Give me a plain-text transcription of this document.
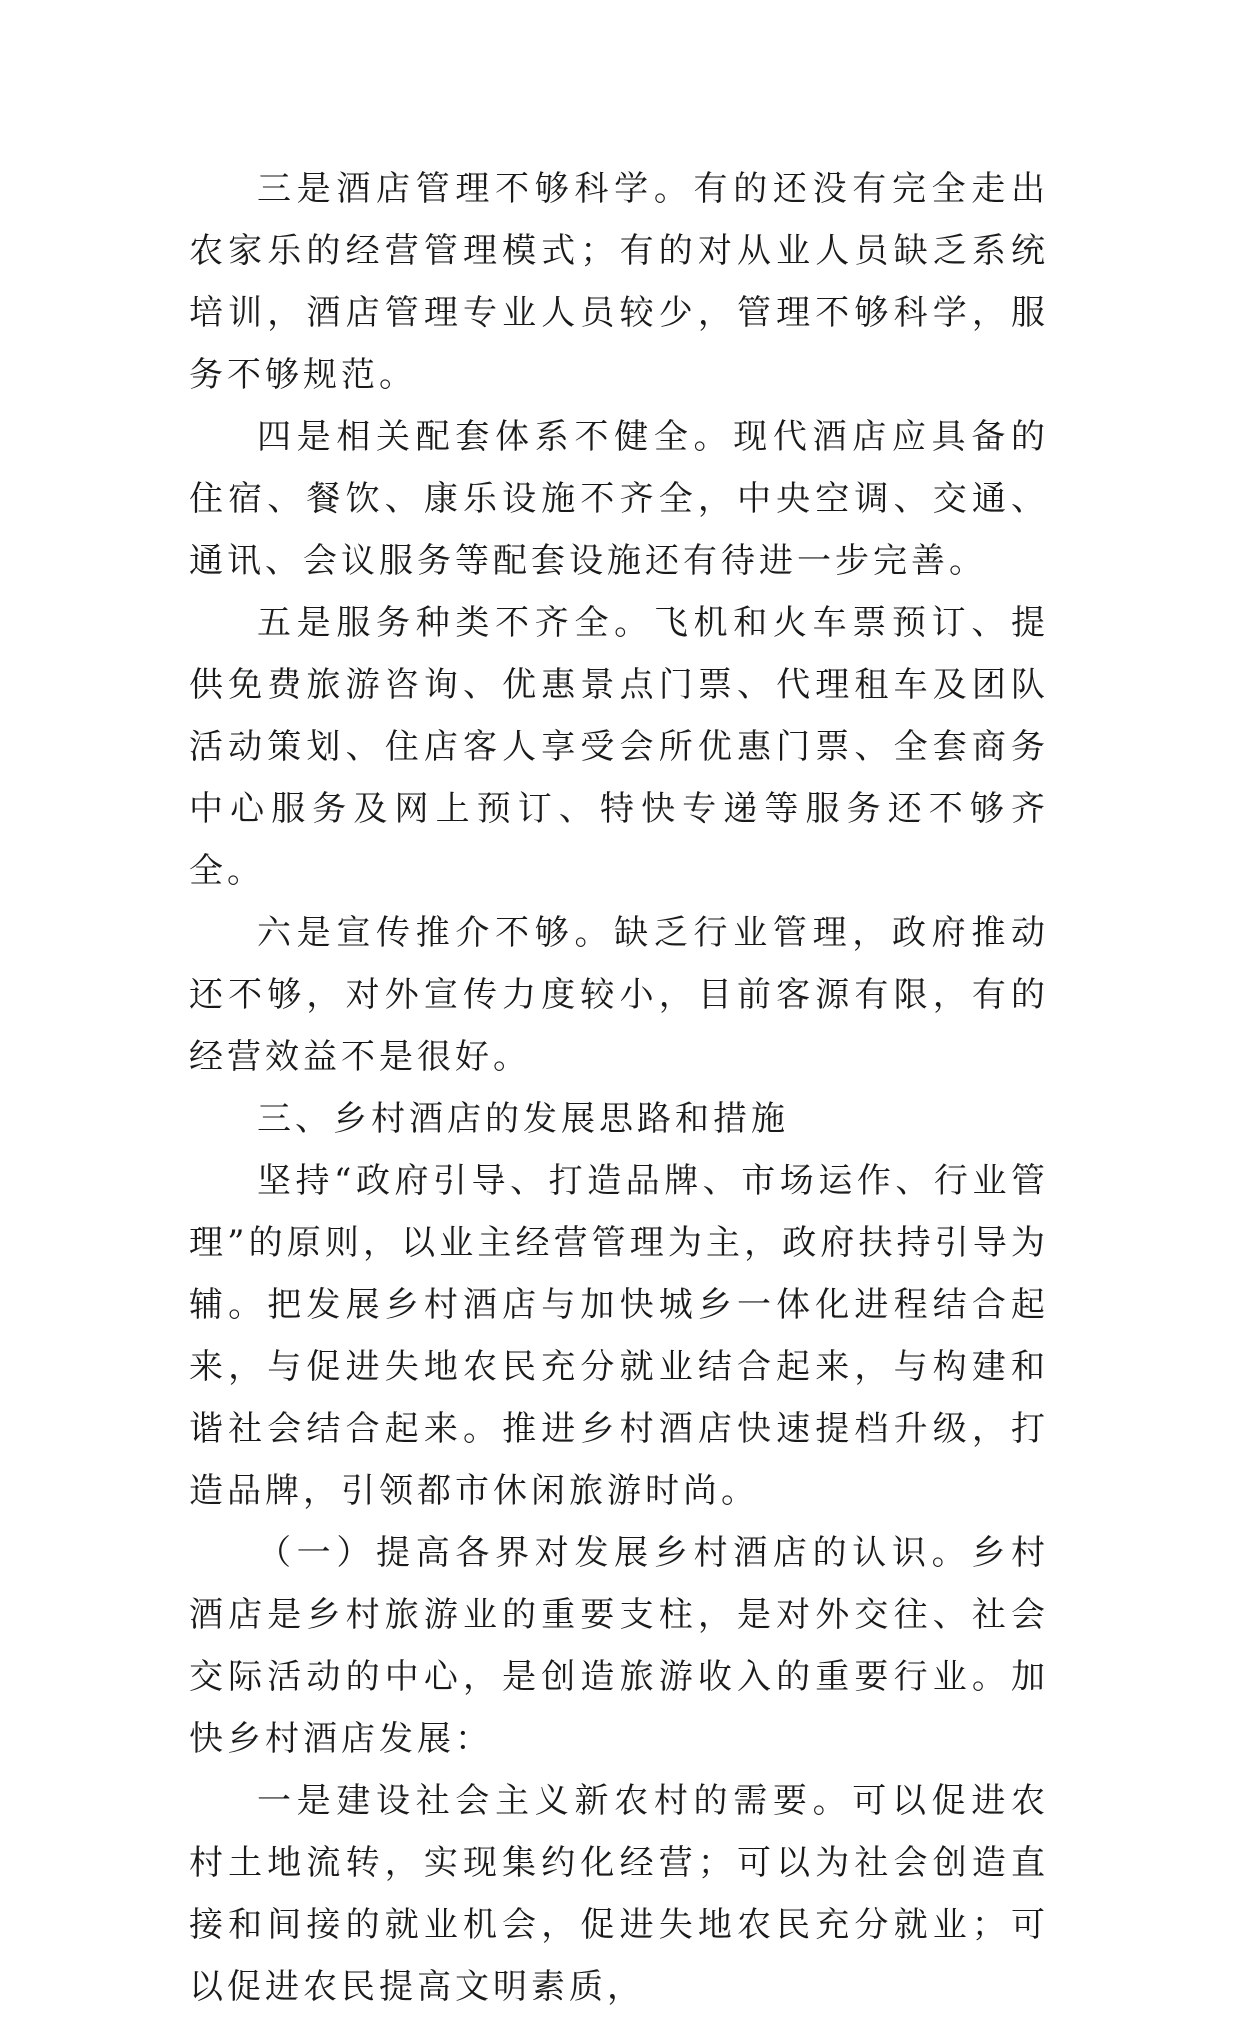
三是酒店管理不够科学。有的还没有完全走出农家乐的经营管理模式；有的对从业人员缺乏系统培训，酒店管理专业人员较少，管理不够科学，服务不够规范。

四是相关配套体系不健全。现代酒店应具备的住宿、餐饮、康乐设施不齐全，中央空调、交通、通讯、会议服务等配套设施还有待进一步完善。

五是服务种类不齐全。飞机和火车票预订、提供免费旅游咨询、优惠景点门票、代理租车及团队活动策划、住店客人享受会所优惠门票、全套商务中心服务及网上预订、特快专递等服务还不够齐全。

六是宣传推介不够。缺乏行业管理，政府推动还不够，对外宣传力度较小，目前客源有限，有的经营效益不是很好。

三、乡村酒店的发展思路和措施

坚持“政府引导、打造品牌、市场运作、行业管理”的原则，以业主经营管理为主，政府扶持引导为辅。把发展乡村酒店与加快城乡一体化进程结合起来，与促进失地农民充分就业结合起来，与构建和谐社会结合起来。推进乡村酒店快速提档升级，打造品牌，引领都市休闲旅游时尚。

（一）提高各界对发展乡村酒店的认识。乡村酒店是乡村旅游业的重要支柱，是对外交往、社会交际活动的中心，是创造旅游收入的重要行业。加快乡村酒店发展：

一是建设社会主义新农村的需要。可以促进农村土地流转，实现集约化经营；可以为社会创造直接和间接的就业机会，促进失地农民充分就业；可以促进农民提高文明素质，
